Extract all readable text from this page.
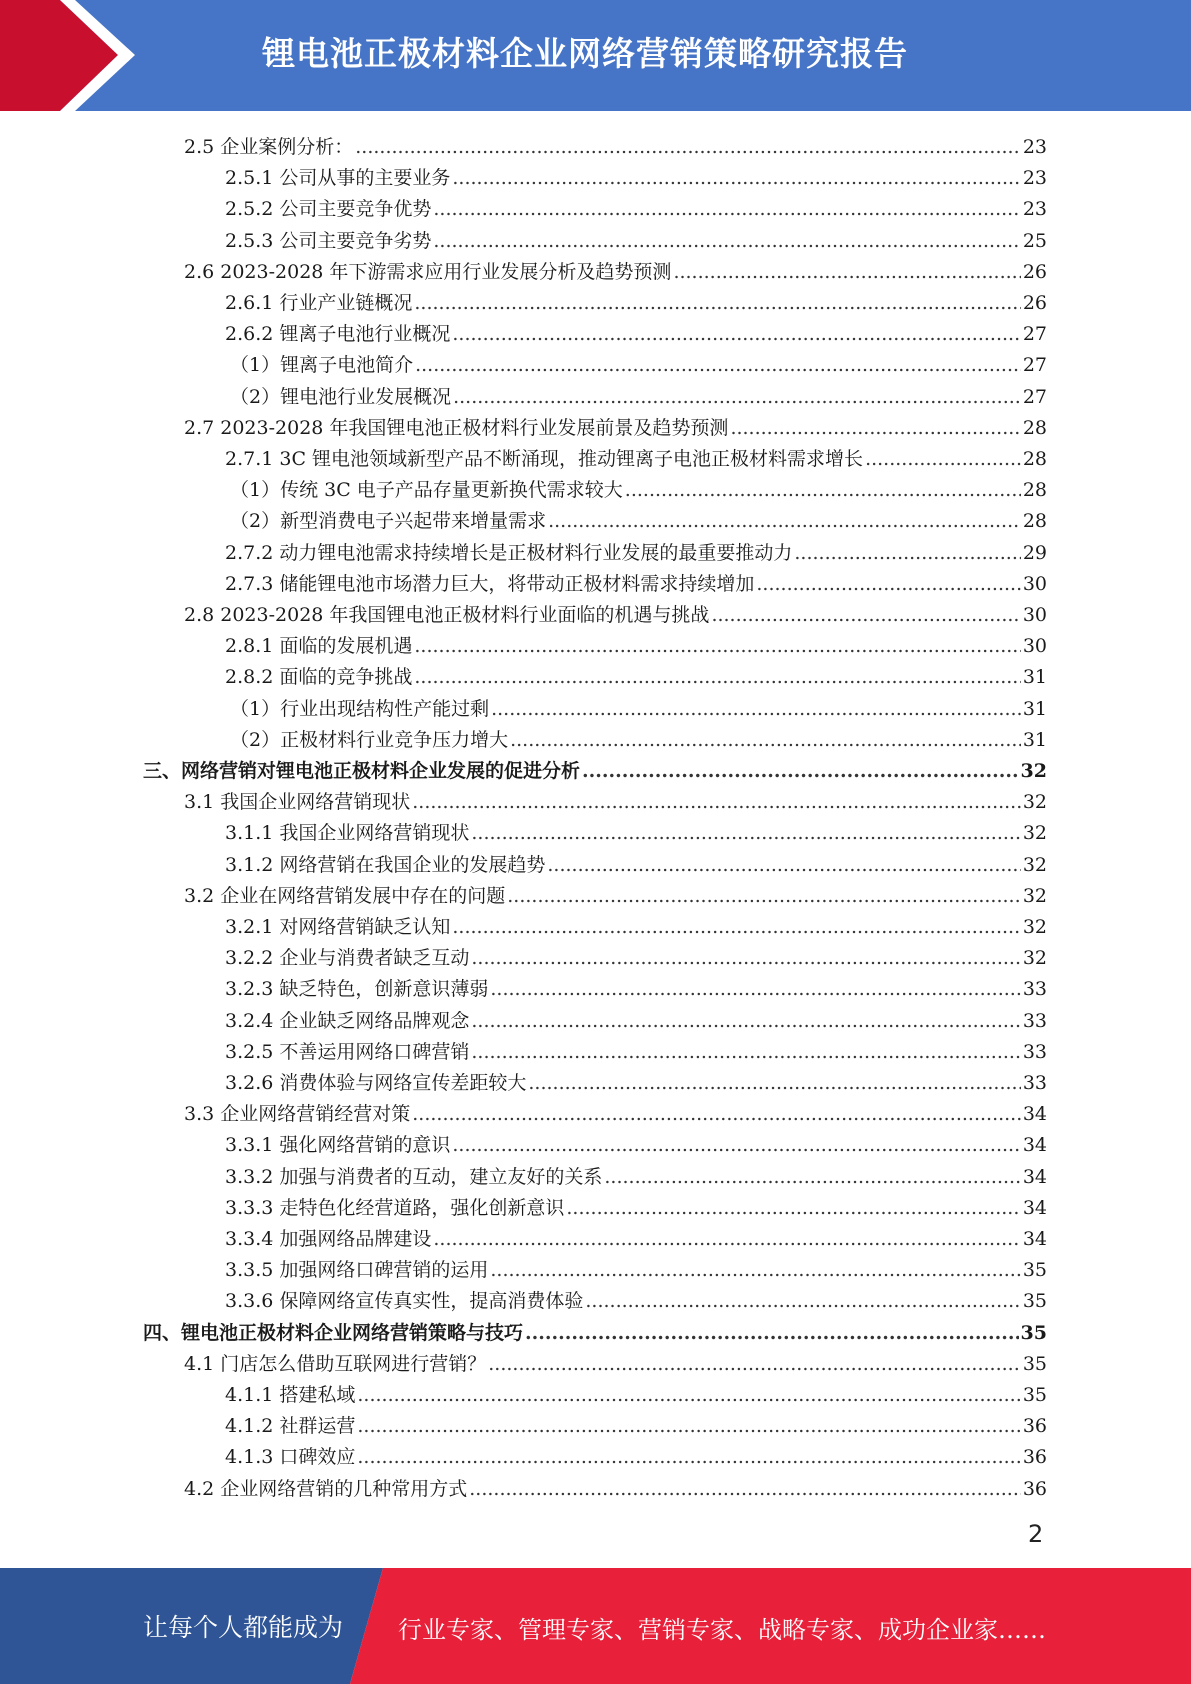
锂电池正极材料企业网络营销策略研究报告
2.5 企业案例分析： .....	23
2.5.1 公司从事的主要业务 .....	23
2.5.2 公司主要竞争优势 .....	23
2.5.3 公司主要竞争劣势 .....	25
2.6 2023-2028 年下游需求应用行业发展分析及趋势预测 .....	26
2.6.1 行业产业链概况 .....	26
2.6.2 锂离子电池行业概况 .....	27
（1）锂离子电池简介 .....	27
（2）锂电池行业发展概况 .....	27
2.7 2023-2028 年我国锂电池正极材料行业发展前景及趋势预测 .....	28
2.7.1 3C 锂电池领域新型产品不断涌现，推动锂离子电池正极材料需求增长 .....	28
（1）传统 3C 电子产品存量更新换代需求较大 .....	28
（2）新型消费电子兴起带来增量需求 .....	28
2.7.2 动力锂电池需求持续增长是正极材料行业发展的最重要推动力 .....	29
2.7.3 储能锂电池市场潜力巨大，将带动正极材料需求持续增加 .....	30
2.8 2023-2028 年我国锂电池正极材料行业面临的机遇与挑战 .....	30
2.8.1 面临的发展机遇 .....	30
2.8.2 面临的竞争挑战 .....	31
（1）行业出现结构性产能过剩 .....	31
（2）正极材料行业竞争压力增大 .....	31
三、网络营销对锂电池正极材料企业发展的促进分析 .....	32
3.1 我国企业网络营销现状 .....	32
3.1.1 我国企业网络营销现状 .....	32
3.1.2 网络营销在我国企业的发展趋势 .....	32
3.2 企业在网络营销发展中存在的问题 .....	32
3.2.1 对网络营销缺乏认知 .....	32
3.2.2 企业与消费者缺乏互动 .....	32
3.2.3 缺乏特色，创新意识薄弱 .....	33
3.2.4 企业缺乏网络品牌观念 .....	33
3.2.5 不善运用网络口碑营销 .....	33
3.2.6 消费体验与网络宣传差距较大 .....	33
3.3 企业网络营销经营对策 .....	34
3.3.1 强化网络营销的意识 .....	34
3.3.2 加强与消费者的互动，建立友好的关系 .....	34
3.3.3 走特色化经营道路，强化创新意识 .....	34
3.3.4 加强网络品牌建设 .....	34
3.3.5 加强网络口碑营销的运用 .....	35
3.3.6 保障网络宣传真实性，提高消费体验 .....	35
四、锂电池正极材料企业网络营销策略与技巧 .....	35
4.1 门店怎么借助互联网进行营销？ .....	35
4.1.1 搭建私域 .....	35
4.1.2 社群运营 .....	36
4.1.3 口碑效应 .....	36
4.2 企业网络营销的几种常用方式 .....	36
2
让每个人都能成为 行业专家、管理专家、营销专家、战略专家、成功企业家……
